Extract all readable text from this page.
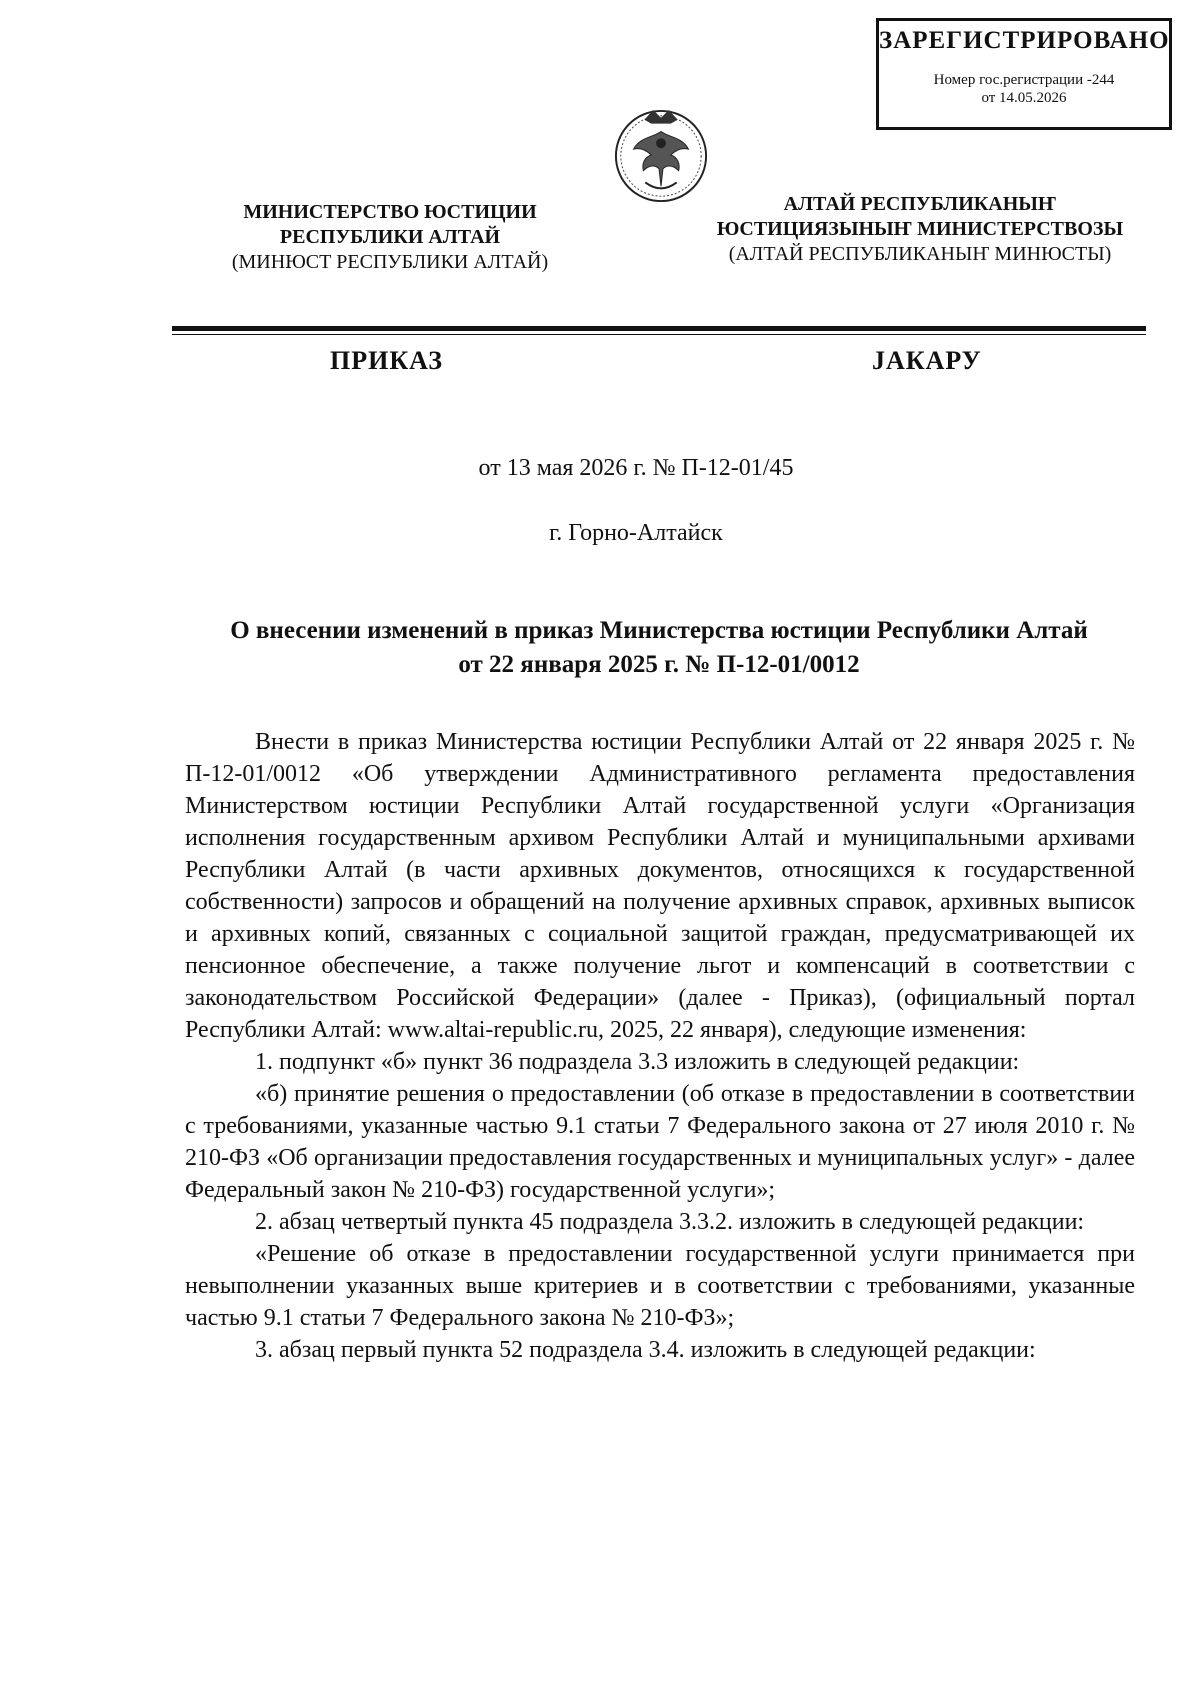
ЗАРЕГИСТРИРОВАНО
Номер гос.регистрации -244
от 14.05.2026
МИНИСТЕРСТВО ЮСТИЦИИ
РЕСПУБЛИКИ АЛТАЙ
(МИНЮСТ РЕСПУБЛИКИ АЛТАЙ)
АЛТАЙ РЕСПУБЛИКАНЫҤ
ЮСТИЦИЯЗЫНЫҤ МИНИСТЕРСТВОЗЫ
(АЛТАЙ РЕСПУБЛИКАНЫҤ МИНЮСТЫ)
ПРИКАЗ	ЈАКАРУ
от 13 мая 2026 г. № П-12-01/45
г. Горно-Алтайск
О внесении изменений в приказ Министерства юстиции Республики Алтай
от 22 января 2025 г. № П-12-01/0012

Внести в приказ Министерства юстиции Республики Алтай от 22 января 2025 г. № П-12-01/0012 «Об утверждении Административного регламента предоставления Министерством юстиции Республики Алтай государственной услуги «Организация исполнения государственным архивом Республики Алтай и муниципальными архивами Республики Алтай (в части архивных документов, относящихся к государственной собственности) запросов и обращений на получение архивных справок, архивных выписок и архивных копий, связанных с социальной защитой граждан, предусматривающей их пенсионное обеспечение, а также получение льгот и компенсаций в соответствии с законодательством Российской Федерации» (далее - Приказ), (официальный портал Республики Алтай: www.altai-republic.ru, 2025, 22 января), следующие изменения:

1. подпункт «б» пункт 36 подраздела 3.3 изложить в следующей редакции:

«б) принятие решения о предоставлении (об отказе в предоставлении в соответствии с требованиями, указанные частью 9.1 статьи 7 Федерального закона от 27 июля 2010 г. № 210-ФЗ «Об организации предоставления государственных и муниципальных услуг» - далее Федеральный закон № 210-ФЗ) государственной услуги»;

2. абзац четвертый пункта 45 подраздела 3.3.2. изложить в следующей редакции:

«Решение об отказе в предоставлении государственной услуги принимается при невыполнении указанных выше критериев и в соответствии с требованиями, указанные частью 9.1 статьи 7 Федерального закона № 210-ФЗ»;

3. абзац первый пункта 52 подраздела 3.4. изложить в следующей редакции:
